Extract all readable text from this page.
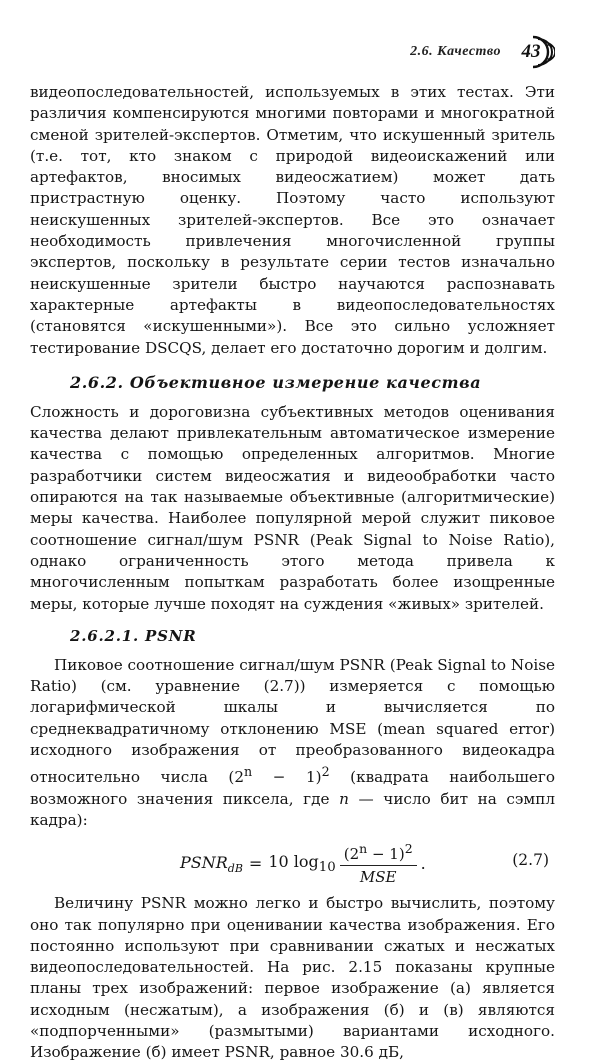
2.6. Качество 43

видеопоследовательностей, используемых в этих тестах. Эти различия компенсируются многими повторами и многократной сменой зрителей-экспертов. Отметим, что искушенный зритель (т.е. тот, кто знаком с природой видеоискажений или артефактов, вносимых видеосжатием) может дать пристрастную оценку. Поэтому часто используют неискушенных зрителей-экспертов. Все это означает необходимость привлечения многочисленной группы экспертов, поскольку в результате серии тестов изначально неискушенные зрители быстро научаются распознавать характерные артефакты в видеопоследовательностях (становятся «искушенными»). Все это сильно усложняет тестирование DSCQS, делает его достаточно дорогим и долгим.

2.6.2. Объективное измерение качества

Сложность и дороговизна субъективных методов оценивания качества делают привлекательным автоматическое измерение качества с помощью определенных алгоритмов. Многие разработчики систем видеосжатия и видеообработки часто опираются на так называемые объективные (алгоритмические) меры качества. Наиболее популярной мерой служит пиковое соотношение сигнал/шум PSNR (Peak Signal to Noise Ratio), однако ограниченность этого метода привела к многочисленным попыткам разработать более изощренные меры, которые лучше походят на суждения «живых» зрителей.

2.6.2.1. PSNR

Пиковое соотношение сигнал/шум PSNR (Peak Signal to Noise Ratio) (см. уравнение (2.7)) измеряется с помощью логарифмической шкалы и вычисляется по среднеквадратичному отклонению MSE (mean squared error) исходного изображения от преобразованного видеокадра относительно числа $(2^n - 1)^2$ (квадрата наибольшего возможного значения пиксела, где n — число бит на сэмпл кадра):

$PSNR_{dB} = 10$ $\log_{10} \frac{(2^n - 1)^2}{\text{MSE}}$ .	(2.7)

Величину PSNR можно легко и быстро вычислить, поэтому оно так популярно при оценивании качества изображения. Его постоянно используют при сравнивании сжатых и несжатых видеопоследовательностей. На рис. 2.15 показаны крупные планы трех изображений: первое изображение (а) является исходным (несжатым), а изображения (б) и (в) являются «подпорченными» (размытыми) вариантами исходного. Изображение (б) имеет PSNR, равное 30.6 дБ,
